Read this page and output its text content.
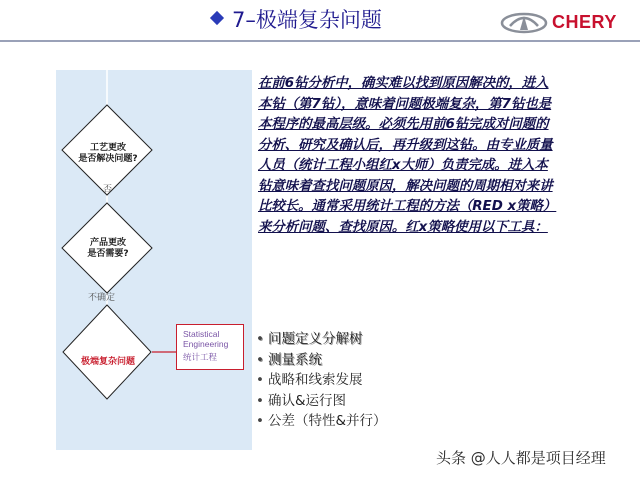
7–极端复杂问题	CHERY
工艺更改
是否解决问题?
否
产品更改
是否需要?
不确定
极端复杂问题
Statistical
Engineering
统计工程
在前6钻分析中，确实难以找到原因解决的，进入本钻（第7钻），意味着问题极端复杂，第7钻也是本程序的最高层级。必须先用前6钻完成对问题的分析、研究及确认后，再升级到这钻。由专业质量人员（统计工程小组红x大师）负责完成。进入本钻意味着查找问题原因，解决问题的周期相对来讲比较长。通常采用统计工程的方法（RED x策略）来分析问题、查找原因。红x策略使用以下工具：
• 问题定义分解树
• 测量系统
• 战略和线索发展
• 确认&运行图
• 公差（特性&并行）
头条 @人人都是项目经理
